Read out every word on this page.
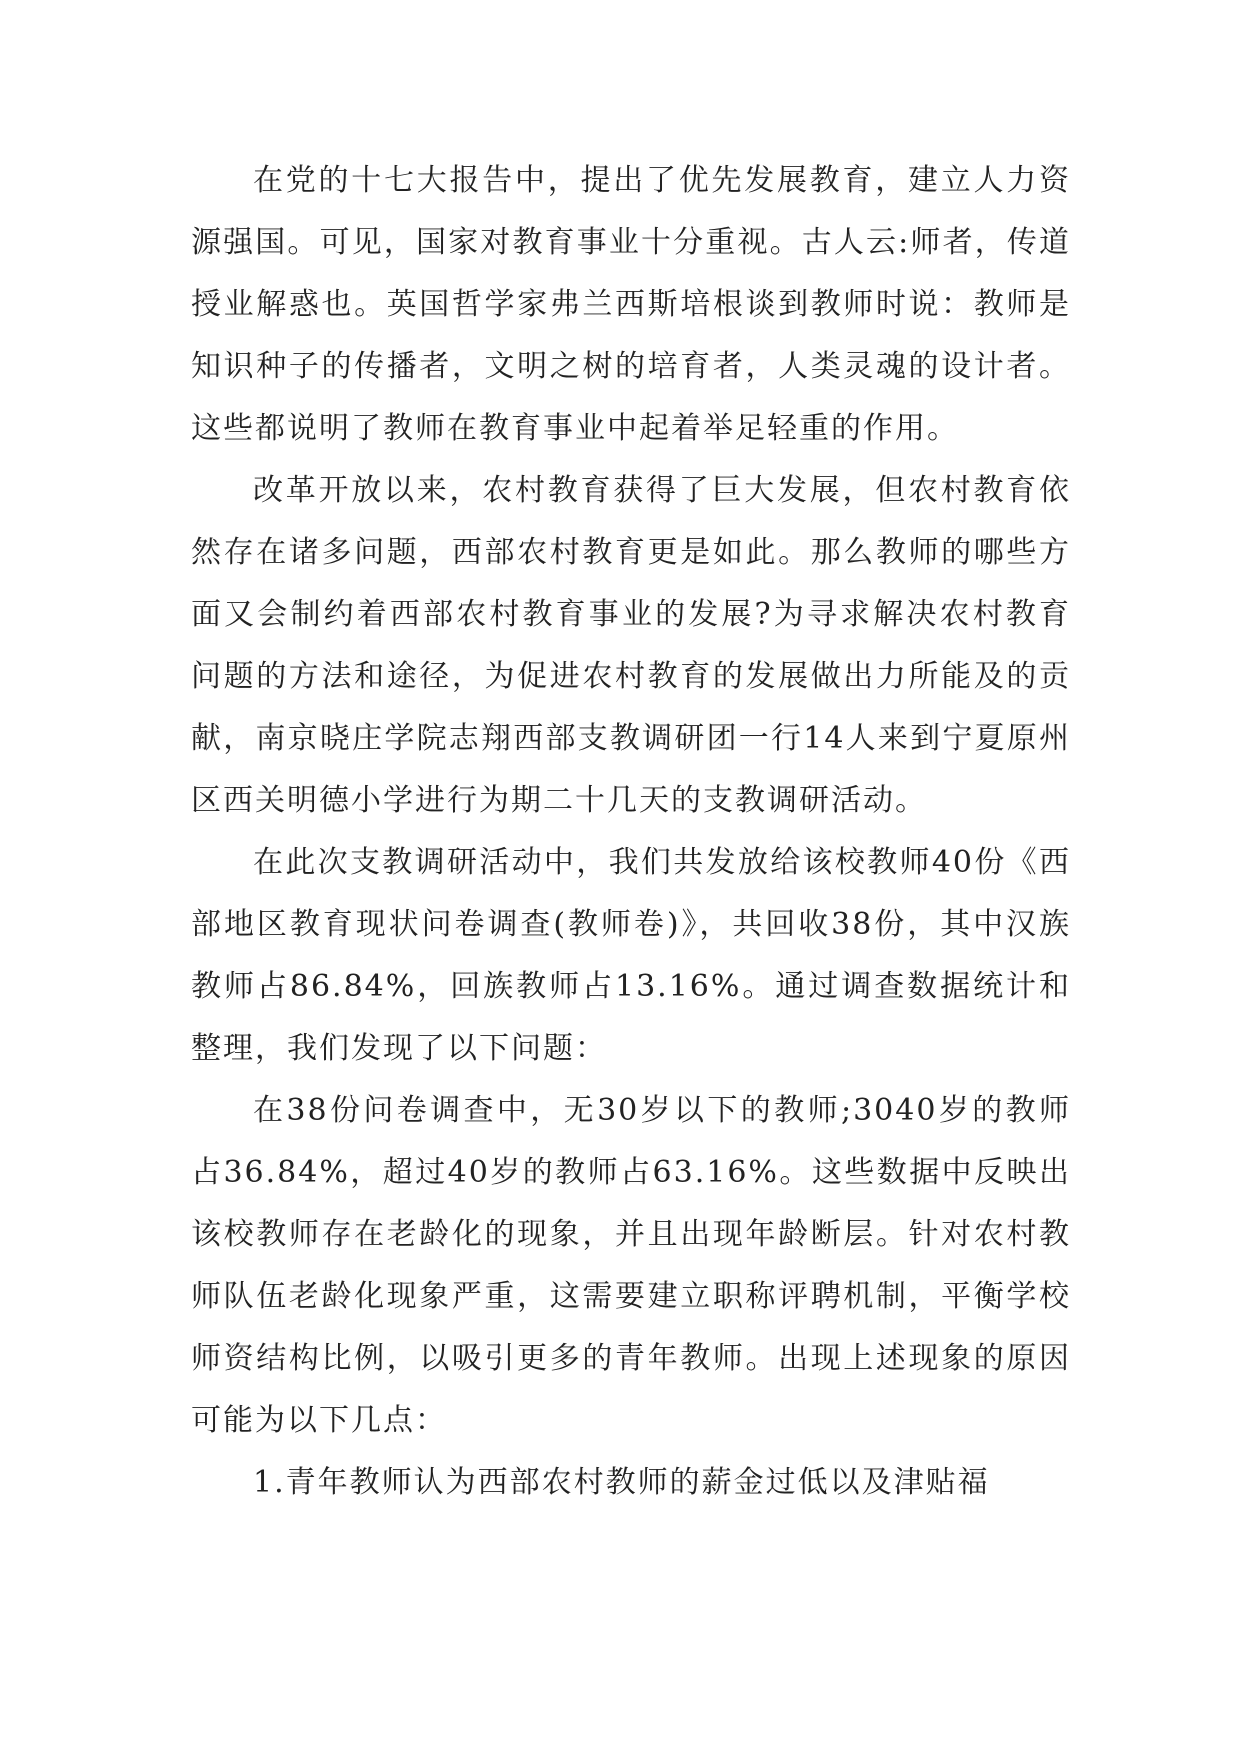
在党的十七大报告中，提出了优先发展教育，建立人力资源强国。可见，国家对教育事业十分重视。古人云:师者，传道授业解惑也。英国哲学家弗兰西斯培根谈到教师时说：教师是知识种子的传播者，文明之树的培育者，人类灵魂的设计者。这些都说明了教师在教育事业中起着举足轻重的作用。

改革开放以来，农村教育获得了巨大发展，但农村教育依然存在诸多问题，西部农村教育更是如此。那么教师的哪些方面又会制约着西部农村教育事业的发展?为寻求解决农村教育问题的方法和途径，为促进农村教育的发展做出力所能及的贡献，南京晓庄学院志翔西部支教调研团一行14人来到宁夏原州区西关明德小学进行为期二十几天的支教调研活动。

在此次支教调研活动中，我们共发放给该校教师40份《西部地区教育现状问卷调查(教师卷)》，共回收38份，其中汉族教师占86.84%，回族教师占13.16%。通过调查数据统计和整理，我们发现了以下问题：

在38份问卷调查中，无30岁以下的教师;3040岁的教师占36.84%，超过40岁的教师占63.16%。这些数据中反映出该校教师存在老龄化的现象，并且出现年龄断层。针对农村教师队伍老龄化现象严重，这需要建立职称评聘机制，平衡学校师资结构比例，以吸引更多的青年教师。出现上述现象的原因可能为以下几点：

1.青年教师认为西部农村教师的薪金过低以及津贴福
